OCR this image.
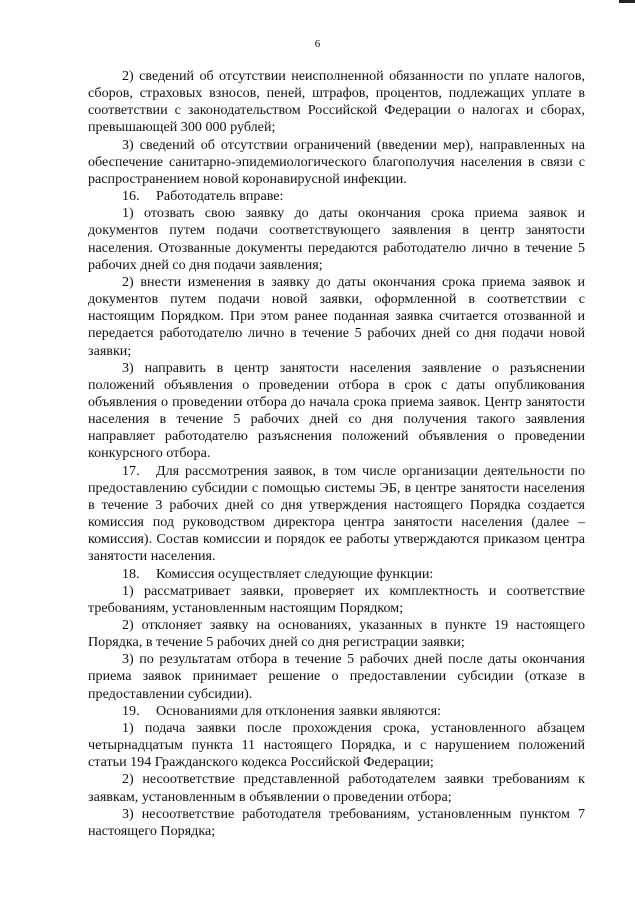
6

2) сведений об отсутствии неисполненной обязанности по уплате налогов, сборов, страховых взносов, пеней, штрафов, процентов, подлежащих уплате в соответствии с законодательством Российской Федерации о налогах и сборах, превышающей 300 000 рублей;

3) сведений об отсутствии ограничений (введении мер), направленных на обеспечение санитарно-эпидемиологического благополучия населения в связи с распространением новой коронавирусной инфекции.

16. Работодатель вправе:

1) отозвать свою заявку до даты окончания срока приема заявок и документов путем подачи соответствующего заявления в центр занятости населения. Отозванные документы передаются работодателю лично в течение 5 рабочих дней со дня подачи заявления;

2) внести изменения в заявку до даты окончания срока приема заявок и документов путем подачи новой заявки, оформленной в соответствии с настоящим Порядком. При этом ранее поданная заявка считается отозванной и передается работодателю лично в течение 5 рабочих дней со дня подачи новой заявки;

3) направить в центр занятости населения заявление о разъяснении положений объявления о проведении отбора в срок с даты опубликования объявления о проведении отбора до начала срока приема заявок. Центр занятости населения в течение 5 рабочих дней со дня получения такого заявления направляет работодателю разъяснения положений объявления о проведении конкурсного отбора.

17. Для рассмотрения заявок, в том числе организации деятельности по предоставлению субсидии с помощью системы ЭБ, в центре занятости населения в течение 3 рабочих дней со дня утверждения настоящего Порядка создается комиссия под руководством директора центра занятости населения (далее – комиссия). Состав комиссии и порядок ее работы утверждаются приказом центра занятости населения.

18. Комиссия осуществляет следующие функции:

1) рассматривает заявки, проверяет их комплектность и соответствие требованиям, установленным настоящим Порядком;

2) отклоняет заявку на основаниях, указанных в пункте 19 настоящего Порядка, в течение 5 рабочих дней со дня регистрации заявки;

3) по результатам отбора в течение 5 рабочих дней после даты окончания приема заявок принимает решение о предоставлении субсидии (отказе в предоставлении субсидии).

19. Основаниями для отклонения заявки являются:

1) подача заявки после прохождения срока, установленного абзацем четырнадцатым пункта 11 настоящего Порядка, и с нарушением положений статьи 194 Гражданского кодекса Российской Федерации;

2) несоответствие представленной работодателем заявки требованиям к заявкам, установленным в объявлении о проведении отбора;

3) несоответствие работодателя требованиям, установленным пунктом 7 настоящего Порядка;
